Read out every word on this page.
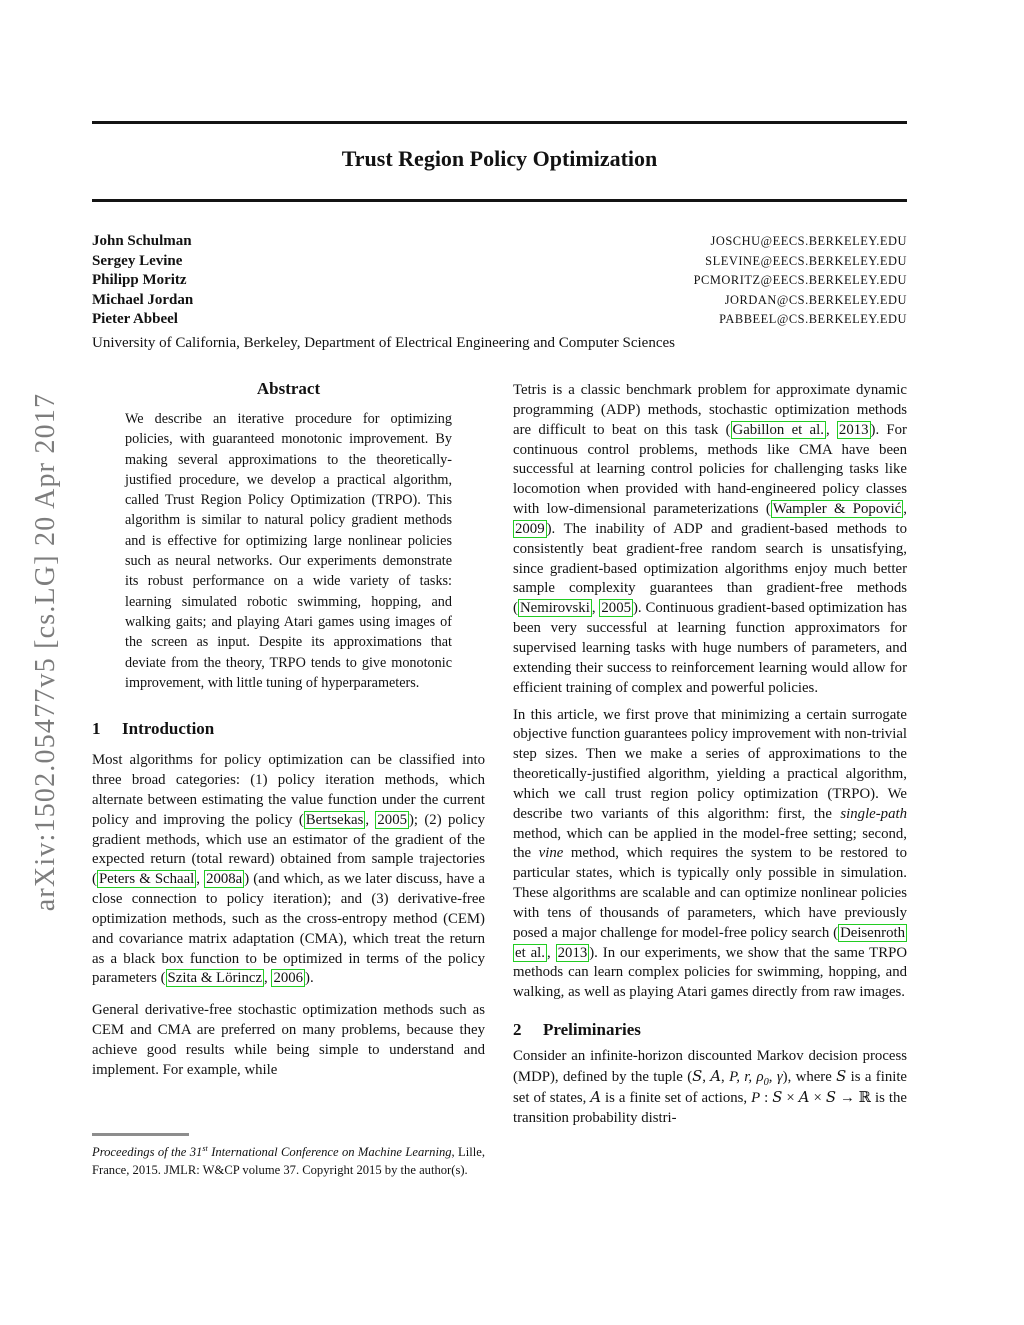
arXiv:1502.05477v5 [cs.LG] 20 Apr 2017
Trust Region Policy Optimization
John Schulman	JOSCHU@EECS.BERKELEY.EDU
Sergey Levine	SLEVINE@EECS.BERKELEY.EDU
Philipp Moritz	PCMORITZ@EECS.BERKELEY.EDU
Michael Jordan	JORDAN@CS.BERKELEY.EDU
Pieter Abbeel	PABBEEL@CS.BERKELEY.EDU
University of California, Berkeley, Department of Electrical Engineering and Computer Sciences
Abstract
We describe an iterative procedure for optimizing policies, with guaranteed monotonic improvement. By making several approximations to the theoretically-justified procedure, we develop a practical algorithm, called Trust Region Policy Optimization (TRPO). This algorithm is similar to natural policy gradient methods and is effective for optimizing large nonlinear policies such as neural networks. Our experiments demonstrate its robust performance on a wide variety of tasks: learning simulated robotic swimming, hopping, and walking gaits; and playing Atari games using images of the screen as input. Despite its approximations that deviate from the theory, TRPO tends to give monotonic improvement, with little tuning of hyperparameters.
1 Introduction
Most algorithms for policy optimization can be classified into three broad categories: (1) policy iteration methods, which alternate between estimating the value function under the current policy and improving the policy ( Bertsekas , 2005 ); (2) policy gradient methods, which use an estimator of the gradient of the expected return (total reward) obtained from sample trajectories ( Peters & Schaal , 2008a ) (and which, as we later discuss, have a close connection to policy iteration); and (3) derivative-free optimization methods, such as the cross-entropy method (CEM) and covariance matrix adaptation (CMA), which treat the return as a black box function to be optimized in terms of the policy parameters ( Szita & Lörincz , 2006 ).
General derivative-free stochastic optimization methods such as CEM and CMA are preferred on many problems, because they achieve good results while being simple to understand and implement. For example, while
Tetris is a classic benchmark problem for approximate dynamic programming (ADP) methods, stochastic optimization methods are difficult to beat on this task ( Gabillon et al. , 2013 ). For continuous control problems, methods like CMA have been successful at learning control policies for challenging tasks like locomotion when provided with hand-engineered policy classes with low-dimensional parameterizations ( Wampler & Popović , 2009 ). The inability of ADP and gradient-based methods to consistently beat gradient-free random search is unsatisfying, since gradient-based optimization algorithms enjoy much better sample complexity guarantees than gradient-free methods ( Nemirovski , 2005 ). Continuous gradient-based optimization has been very successful at learning function approximators for supervised learning tasks with huge numbers of parameters, and extending their success to reinforcement learning would allow for efficient training of complex and powerful policies.
In this article, we first prove that minimizing a certain surrogate objective function guarantees policy improvement with non-trivial step sizes. Then we make a series of approximations to the theoretically-justified algorithm, yielding a practical algorithm, which we call trust region policy optimization (TRPO). We describe two variants of this algorithm: first, the single-path method, which can be applied in the model-free setting; second, the vine method, which requires the system to be restored to particular states, which is typically only possible in simulation. These algorithms are scalable and can optimize nonlinear policies with tens of thousands of parameters, which have previously posed a major challenge for model-free policy search ( Deisenroth et al. , 2013 ). In our experiments, we show that the same TRPO methods can learn complex policies for swimming, hopping, and walking, as well as playing Atari games directly from raw images.
2 Preliminaries
Consider an infinite-horizon discounted Markov decision process (MDP), defined by the tuple (S, A, P, r, $\rho_0$, γ), where S is a finite set of states, A is a finite set of actions, P : S × A × S → ℝ is the transition probability distri-
Proceedings of the 31st International Conference on Machine Learning, Lille, France, 2015. JMLR: W&CP volume 37. Copyright 2015 by the author(s).
